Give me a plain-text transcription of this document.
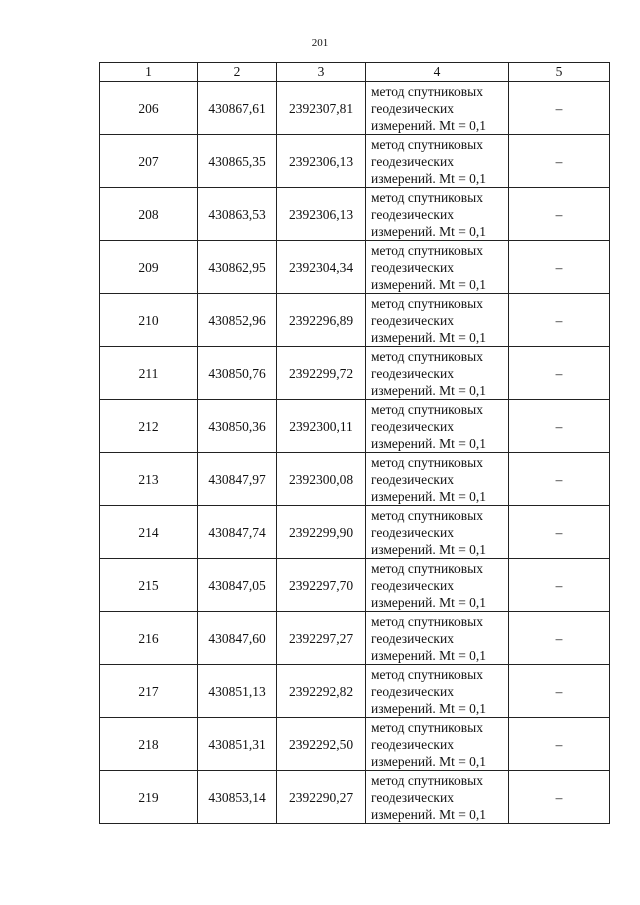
201
1	2	3	4	5
206	430867,61	2392307,81	метод спутниковых
геодезических
измерений. Mt = 0,1	–
207	430865,35	2392306,13	метод спутниковых
геодезических
измерений. Mt = 0,1	–
208	430863,53	2392306,13	метод спутниковых
геодезических
измерений. Mt = 0,1	–
209	430862,95	2392304,34	метод спутниковых
геодезических
измерений. Mt = 0,1	–
210	430852,96	2392296,89	метод спутниковых
геодезических
измерений. Mt = 0,1	–
211	430850,76	2392299,72	метод спутниковых
геодезических
измерений. Mt = 0,1	–
212	430850,36	2392300,11	метод спутниковых
геодезических
измерений. Mt = 0,1	–
213	430847,97	2392300,08	метод спутниковых
геодезических
измерений. Mt = 0,1	–
214	430847,74	2392299,90	метод спутниковых
геодезических
измерений. Mt = 0,1	–
215	430847,05	2392297,70	метод спутниковых
геодезических
измерений. Mt = 0,1	–
216	430847,60	2392297,27	метод спутниковых
геодезических
измерений. Mt = 0,1	–
217	430851,13	2392292,82	метод спутниковых
геодезических
измерений. Mt = 0,1	–
218	430851,31	2392292,50	метод спутниковых
геодезических
измерений. Mt = 0,1	–
219	430853,14	2392290,27	метод спутниковых
геодезических
измерений. Mt = 0,1	–
